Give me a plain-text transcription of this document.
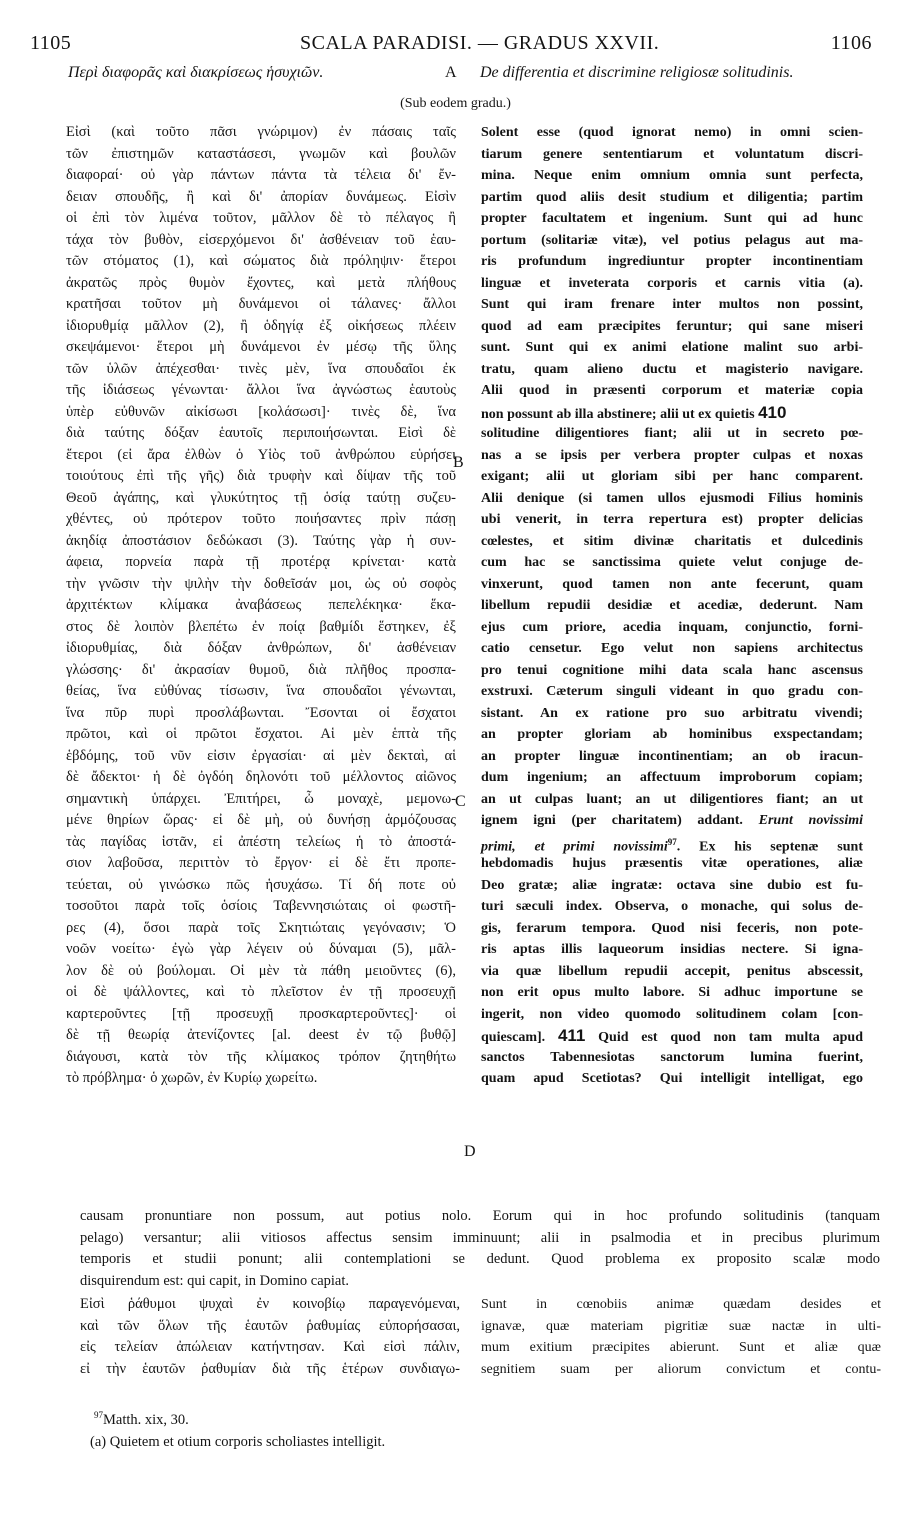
1105	SCALA PARADISI. — GRADUS XXVII.	1106
Περὶ διαφορᾶς καὶ διακρίσεως ἡσυχιῶν.	A De differentia et discrimine religiosæ solitudinis.
(Sub eodem gradu.)
Εἰσὶ (καὶ τοῦτο πᾶσι γνώριμον) ἐν πάσαις ταῖς
τῶν ἐπιστημῶν καταστάσεσι, γνωμῶν καὶ βουλῶν
διαφοραί· οὐ γὰρ πάντων πάντα τὰ τέλεια δι' ἔν-
δειαν σπουδῆς, ἢ καὶ δι' ἀπορίαν δυνάμεως. Εἰσὶν
οἱ ἐπὶ τὸν λιμένα τοῦτον, μᾶλλον δὲ τὸ πέλαγος ἢ
τάχα τὸν βυθὸν, εἰσερχόμενοι δι' ἀσθένειαν τοῦ ἑαυ-
τῶν στόματος (1), καὶ σώματος διὰ πρόληψιν· ἕτεροι
ἀκρατῶς πρὸς θυμὸν ἔχοντες, καὶ μετὰ πλήθους
κρατῆσαι τοῦτον μὴ δυνάμενοι οἱ τάλανες· ἄλλοι
ἰδιορυθμίᾳ μᾶλλον (2), ἢ ὁδηγίᾳ ἐξ οἰκήσεως πλέειν
σκεψάμενοι· ἕτεροι μὴ δυνάμενοι ἐν μέσῳ τῆς ὕλης
τῶν ὑλῶν ἀπέχεσθαι· τινὲς μὲν, ἵνα σπουδαῖοι ἐκ
τῆς ἰδιάσεως γένωνται· ἄλλοι ἵνα ἀγνώστως ἑαυτοὺς
ὑπὲρ εὐθυνῶν αἰκίσωσι [κολάσωσι]· τινὲς δὲ, ἵνα
διὰ ταύτης δόξαν ἑαυτοῖς περιποιήσωνται. Εἰσὶ δὲ
ἕτεροι (εἰ ἄρα ἐλθὼν ὁ Υἱὸς τοῦ ἀνθρώπου εὑρήσει
τοιούτους ἐπὶ τῆς γῆς) διὰ τρυφὴν καὶ δίψαν τῆς τοῦ
Θεοῦ ἀγάπης, καὶ γλυκύτητος τῇ ὁσίᾳ ταύτῃ συζευ-
χθέντες, οὐ πρότερον τοῦτο ποιήσαντες πρὶν πάσῃ
ἀκηδίᾳ ἀποστάσιον δεδώκασι (3). Ταύτης γὰρ ἡ συν-
άφεια, πορνεία παρὰ τῇ προτέρᾳ κρίνεται· κατὰ
τὴν γνῶσιν τὴν ψιλὴν τὴν δοθεῖσάν μοι, ὡς οὐ σοφὸς
ἀρχιτέκτων κλίμακα ἀναβάσεως πεπελέκηκα· ἕκα-
στος δὲ λοιπὸν βλεπέτω ἐν ποίᾳ βαθμίδι ἕστηκεν, ἐξ
ἰδιορυθμίας, διὰ δόξαν ἀνθρώπων, δι' ἀσθένειαν
γλώσσης· δι' ἀκρασίαν θυμοῦ, διὰ πλῆθος προσπα-
θείας, ἵνα εὐθύνας τίσωσιν, ἵνα σπουδαῖοι γένωνται,
ἵνα πῦρ πυρὶ προσλάβωνται. Ἔσονται οἱ ἔσχατοι
πρῶτοι, καὶ οἱ πρῶτοι ἔσχατοι. Αἱ μὲν ἑπτὰ τῆς
ἑβδόμης, τοῦ νῦν εἰσιν ἐργασίαι· αἱ μὲν δεκταὶ, αἱ
δὲ ἄδεκτοι· ἡ δὲ ὀγδόη δηλονότι τοῦ μέλλοντος αἰῶνος
σημαντικὴ ὑπάρχει. Ἐπιτήρει, ὦ μοναχὲ, μεμονω-
μένε θηρίων ὥρας· εἰ δὲ μὴ, οὐ δυνήσῃ ἁρμόζουσας
τὰς παγίδας ἱστᾶν, εἰ ἀπέστη τελείως ἡ τὸ ἀποστά-
σιον λαβοῦσα, περιττὸν τὸ ἔργον· εἰ δὲ ἔτι προπε-
τεύεται, οὐ γινώσκω πῶς ἡσυχάσω. Τί δή ποτε οὐ
τοσοῦτοι παρὰ τοῖς ὁσίοις Ταβεννησιώταις οἱ φωστῆ-
ρες (4), ὅσοι παρὰ τοῖς Σκητιώταις γεγόνασιν; Ὁ
νοῶν νοείτω· ἐγὼ γὰρ λέγειν οὐ δύναμαι (5), μᾶλ-
λον δὲ οὐ βούλομαι. Οἱ μὲν τὰ πάθη μειοῦντες (6),
οἱ δὲ ψάλλοντες, καὶ τὸ πλεῖστον ἐν τῇ προσευχῇ
καρτεροῦντες [τῇ προσευχῇ προσκαρτεροῦντες]· οἱ
δὲ τῇ θεωρίᾳ ἀτενίζοντες [al. deest ἐν τῷ βυθῷ]
διάγουσι, κατὰ τὸν τῆς κλίμακος τρόπον ζητηθήτω
τὸ πρόβλημα· ὁ χωρῶν, ἐν Κυρίῳ χωρείτω.
Solent esse (quod ignorat nemo) in omni scien-
tiarum genere sententiarum et voluntatum discri-
mina. Neque enim omnium omnia sunt perfecta,
partim quod aliis desit studium et diligentia; partim
propter facultatem et ingenium. Sunt qui ad hunc
portum (solitariæ vitæ), vel potius pelagus aut ma-
ris profundum ingrediuntur propter incontinentiam
linguæ et inveterata corporis et carnis vitia (a).
Sunt qui iram frenare inter multos non possint,
quod ad eam præcipites feruntur; qui sane miseri
sunt. Sunt qui ex animi elatione malint suo arbi-
tratu, quam alieno ductu et magisterio navigare.
Alii quod in præsenti corporum et materiæ copia
non possunt ab illa abstinere; alii ut ex quietis 410
solitudine diligentiores fiant; alii ut in secreto pœ-
nas a se ipsis per verbera propter culpas et noxas
exigant; alii ut gloriam sibi per hanc comparent.
Alii denique (si tamen ullos ejusmodi Filius hominis
ubi venerit, in terra repertura est) propter delicias
cœlestes, et sitim divinæ charitatis et dulcedinis
cum hac se sanctissima quiete velut conjuge de-
vinxerunt, quod tamen non ante fecerunt, quam
libellum repudii desidiæ et acediæ, dederunt. Nam
ejus cum priore, acedia inquam, conjunctio, forni-
catio censetur. Ego velut non sapiens architectus
pro tenui cognitione mihi data scala hanc ascensus
exstruxi. Cæterum singuli videant in quo gradu con-
sistant. An ex ratione pro suo arbitratu vivendi;
an propter gloriam ab hominibus exspectandam;
an propter linguæ incontinentiam; an ob iracun-
dum ingenium; an affectuum improborum copiam;
an ut culpas luant; an ut diligentiores fiant; an ut
ignem igni (per charitatem) addant. Erunt novissimi
primi, et primi novissimi$^{97}$. Ex his septenæ sunt
hebdomadis hujus præsentis vitæ operationes, aliæ
Deo gratæ; aliæ ingratæ: octava sine dubio est fu-
turi sæculi index. Observa, o monache, qui solus de-
gis, ferarum tempora. Quod nisi feceris, non pote-
ris aptas illis laqueorum insidias nectere. Si igna-
via quæ libellum repudii accepit, penitus abscessit,
non erit opus multo labore. Si adhuc importune se
ingerit, non video quomodo solitudinem colam [con-
quiescam]. 411 Quid est quod non tam multa apud
sanctos Tabennesiotas sanctorum lumina fuerint,
quam apud Scetiotas? Qui intelligit intelligat, ego
B
C
D
causam pronuntiare non possum, aut potius nolo. Eorum qui in hoc profundo solitudinis (tanquam
pelago) versantur; alii vitiosos affectus sensim imminuunt; alii in psalmodia et in precibus plurimum
temporis et studii ponunt; alii contemplationi se dedunt. Quod problema ex proposito scalæ modo
disquirendum est: qui capit, in Domino capiat.
Εἰσὶ ῥάθυμοι ψυχαὶ ἐν κοινοβίῳ παραγενόμεναι,
καὶ τῶν ὅλων τῆς ἑαυτῶν ῥαθυμίας εὐπορήσασαι,
εἰς τελείαν ἀπώλειαν κατήντησαν. Καὶ εἰσὶ πάλιν,
εἰ τὴν ἑαυτῶν ῥαθυμίαν διὰ τῆς ἑτέρων συνδιαγω-
Sunt in cœnobiis animæ quædam desides et
ignavæ, quæ materiam pigritiæ suæ nactæ in ulti-
mum exitium præcipites abierunt. Sunt et aliæ quæ
segnitiem suam per aliorum convictum et contu-
$^{97}$Matth. xix, 30.
(a) Quietem et otium corporis scholiastes intelligit.
